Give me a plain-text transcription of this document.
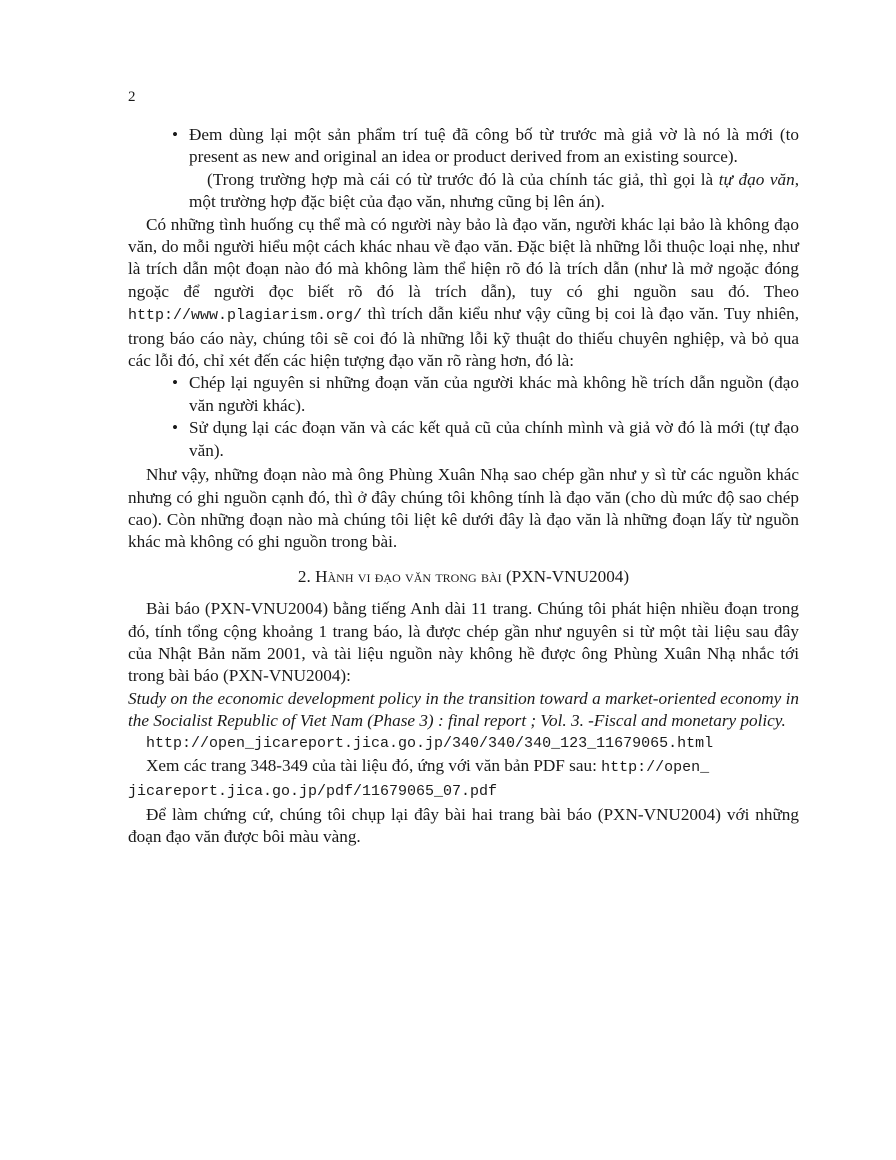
2
• Đem dùng lại một sản phẩm trí tuệ đã công bố từ trước mà giả vờ là nó là mới (to present as new and original an idea or product derived from an existing source).

(Trong trường hợp mà cái có từ trước đó là của chính tác giả, thì gọi là tự đạo văn, một trường hợp đặc biệt của đạo văn, nhưng cũng bị lên án).

Có những tình huống cụ thể mà có người này bảo là đạo văn, người khác lại bảo là không đạo văn, do mỗi người hiểu một cách khác nhau về đạo văn. Đặc biệt là những lỗi thuộc loại nhẹ, như là trích dẫn một đoạn nào đó mà không làm thể hiện rõ đó là trích dẫn (như là mở ngoặc đóng ngoặc để người đọc biết rõ đó là trích dẫn), tuy có ghi nguồn sau đó. Theo http://www.plagiarism.org/ thì trích dẫn kiểu như vậy cũng bị coi là đạo văn. Tuy nhiên, trong báo cáo này, chúng tôi sẽ coi đó là những lỗi kỹ thuật do thiếu chuyên nghiệp, và bỏ qua các lỗi đó, chỉ xét đến các hiện tượng đạo văn rõ ràng hơn, đó là:

• Chép lại nguyên si những đoạn văn của người khác mà không hề trích dẫn nguồn (đạo văn người khác).
• Sử dụng lại các đoạn văn và các kết quả cũ của chính mình và giả vờ đó là mới (tự đạo văn).

Như vậy, những đoạn nào mà ông Phùng Xuân Nhạ sao chép gần như y sì từ các nguồn khác nhưng có ghi nguồn cạnh đó, thì ở đây chúng tôi không tính là đạo văn (cho dù mức độ sao chép cao). Còn những đoạn nào mà chúng tôi liệt kê dưới đây là đạo văn là những đoạn lấy từ nguồn khác mà không có ghi nguồn trong bài.

2. Hành vi đạo văn trong bài (PXN-VNU2004)

Bài báo (PXN-VNU2004) bằng tiếng Anh dài 11 trang. Chúng tôi phát hiện nhiều đoạn trong đó, tính tổng cộng khoảng 1 trang báo, là được chép gần như nguyên si từ một tài liệu sau đây của Nhật Bản năm 2001, và tài liệu nguồn này không hề được ông Phùng Xuân Nhạ nhắc tới trong bài báo (PXN-VNU2004):

Study on the economic development policy in the transition toward a market-oriented economy in the Socialist Republic of Viet Nam (Phase 3) : final report ; Vol. 3. -Fiscal and monetary policy.

http://open_jicareport.jica.go.jp/340/340/340_123_11679065.html

Xem các trang 348-349 của tài liệu đó, ứng với văn bản PDF sau: http://open_
jicareport.jica.go.jp/pdf/11679065_07.pdf

Để làm chứng cứ, chúng tôi chụp lại đây bài hai trang bài báo (PXN-VNU2004) với những đoạn đạo văn được bôi màu vàng.
